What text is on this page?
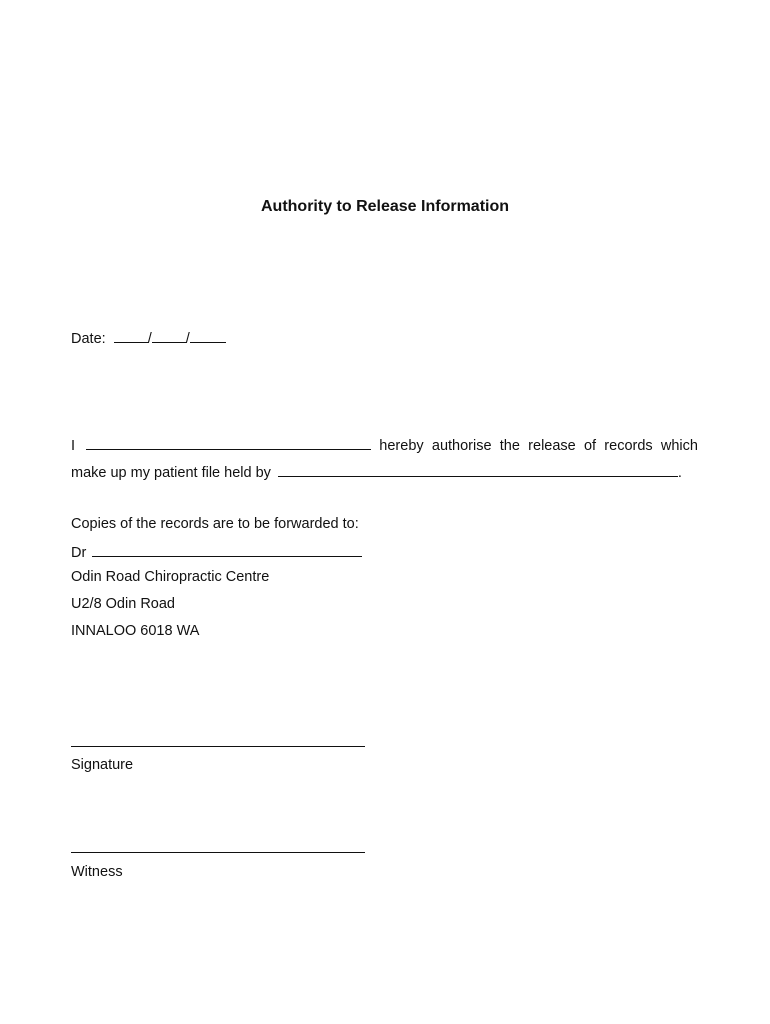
Authority to Release Information
Date:	/ /
I	hereby authorise the release of records which
make up my patient file held by	.
Copies of the records are to be forwarded to:
Dr
Odin Road Chiropractic Centre
U2/8 Odin Road
INNALOO 6018 WA
Signature
Witness
